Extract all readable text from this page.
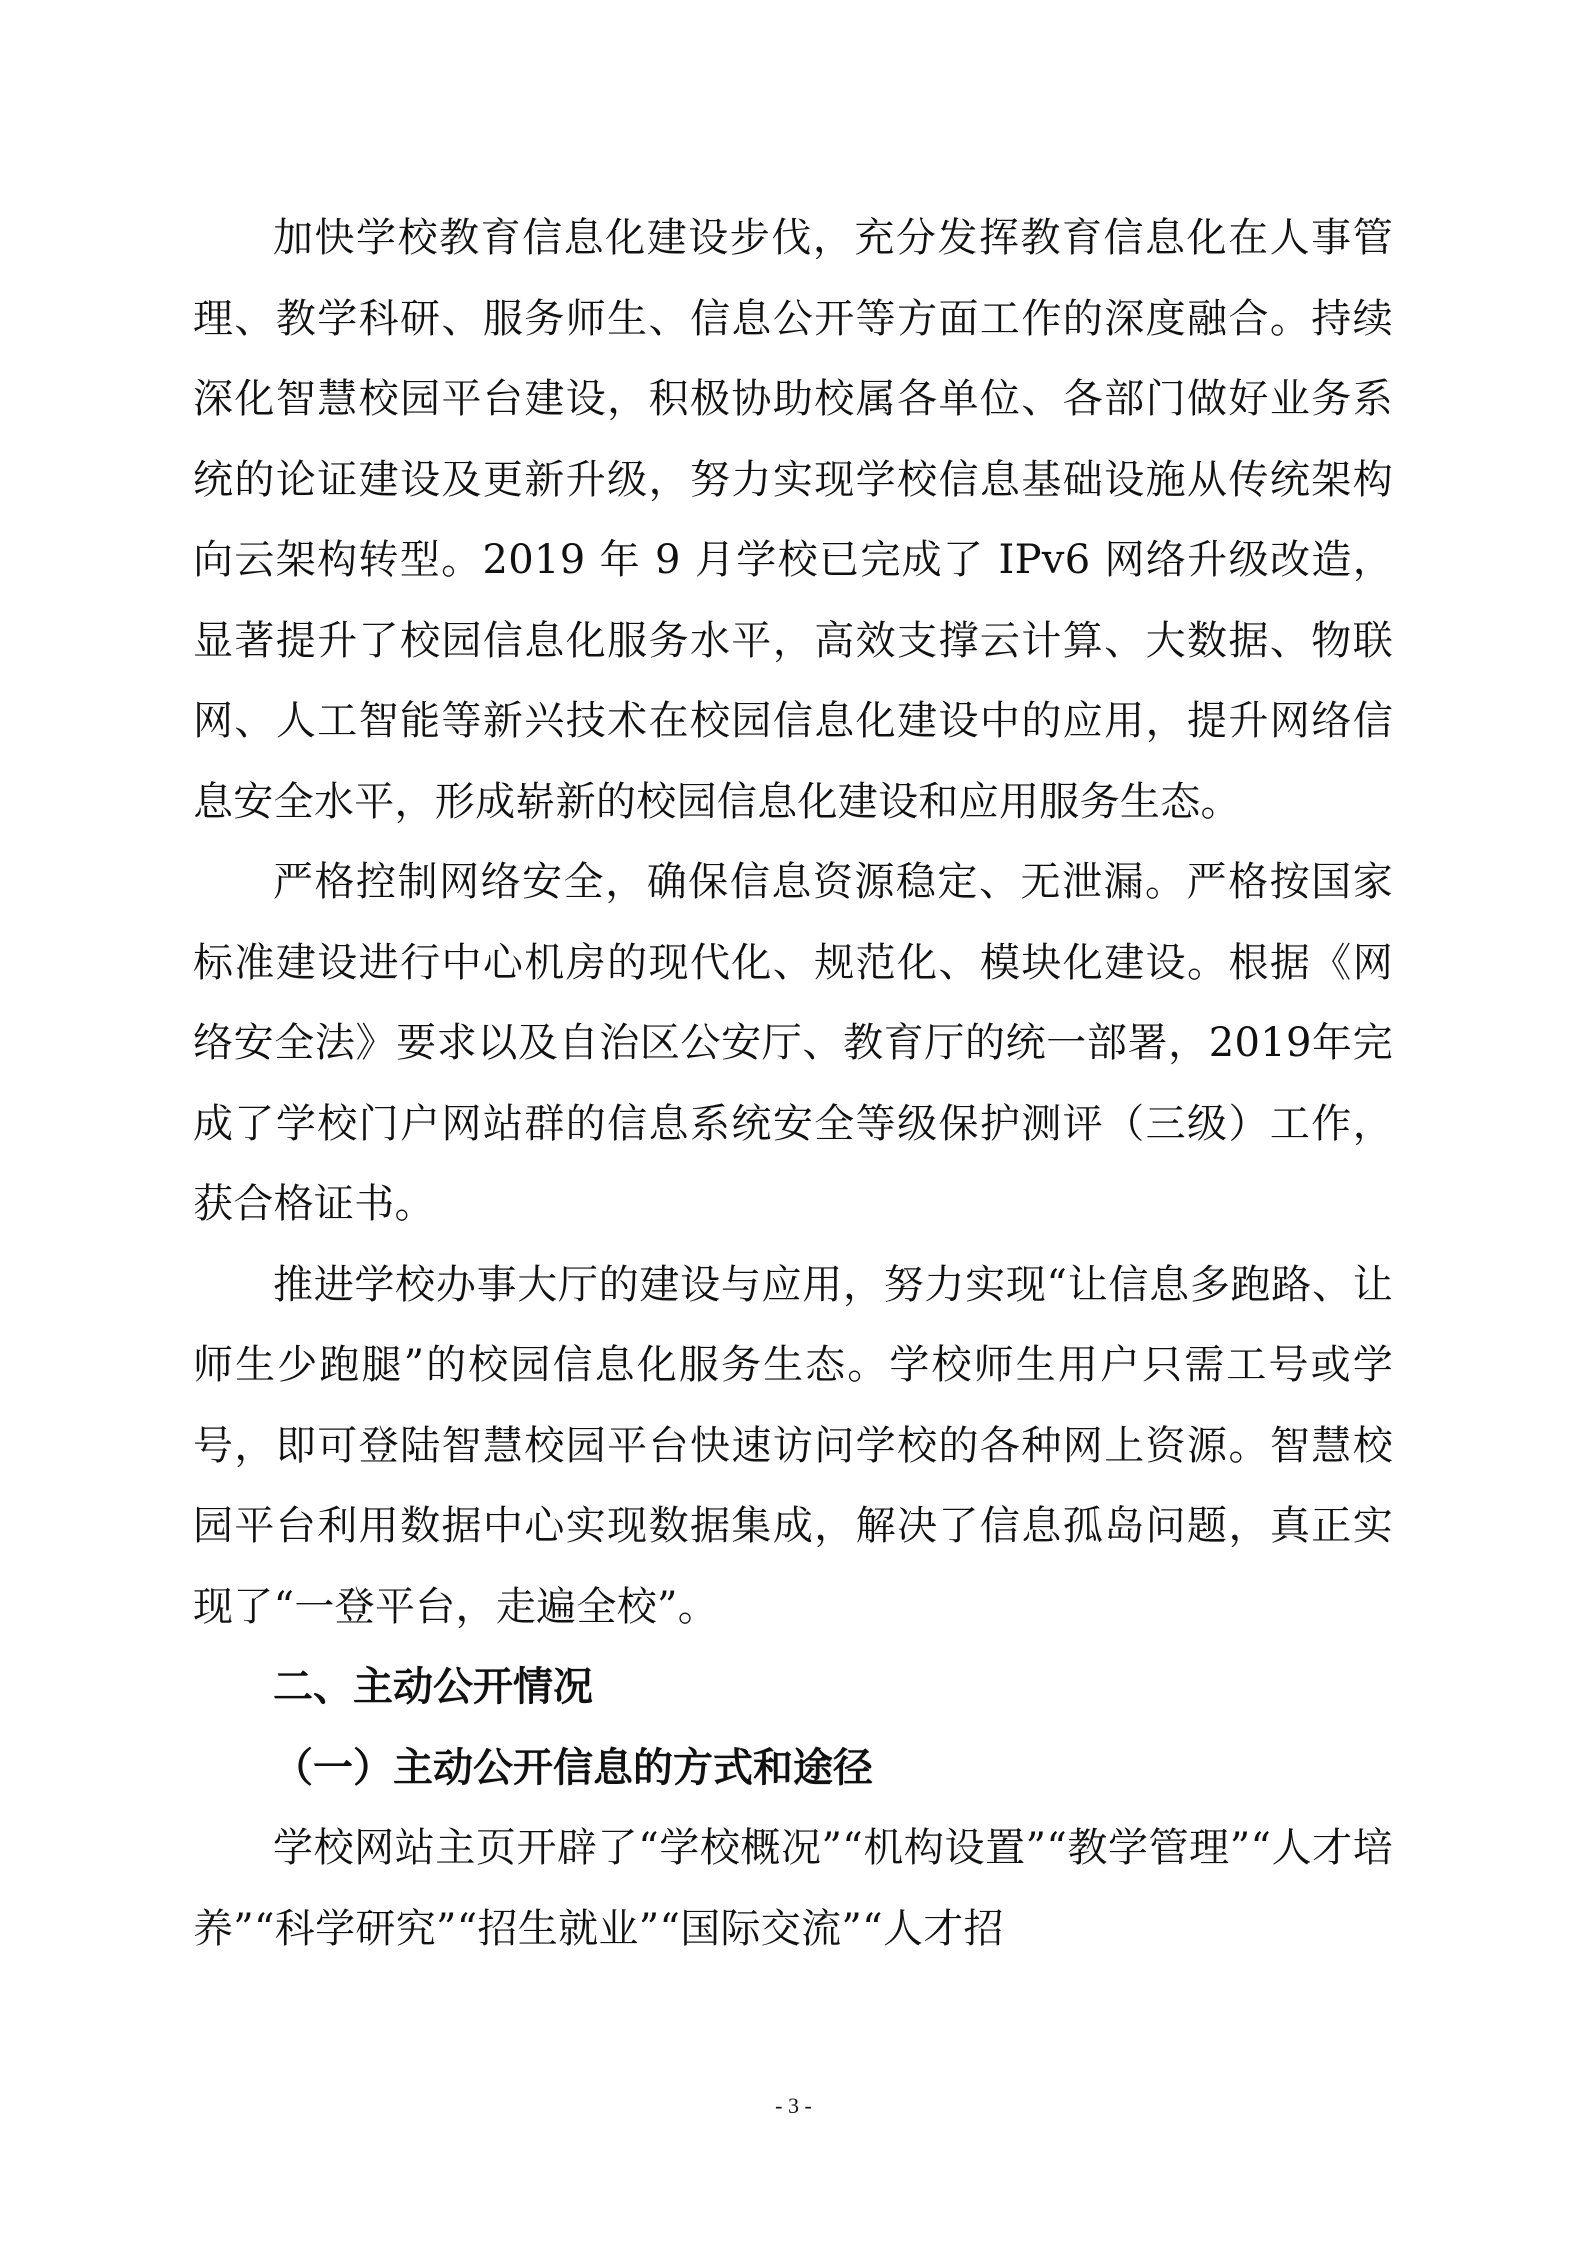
加快学校教育信息化建设步伐，充分发挥教育信息化在人事管理、教学科研、服务师生、信息公开等方面工作的深度融合。持续深化智慧校园平台建设，积极协助校属各单位、各部门做好业务系统的论证建设及更新升级，努力实现学校信息基础设施从传统架构向云架构转型。2019 年 9 月学校已完成了 IPv6 网络升级改造，显著提升了校园信息化服务水平，高效支撑云计算、大数据、物联网、人工智能等新兴技术在校园信息化建设中的应用，提升网络信息安全水平，形成崭新的校园信息化建设和应用服务生态。

严格控制网络安全，确保信息资源稳定、无泄漏。严格按国家标准建设进行中心机房的现代化、规范化、模块化建设。根据《网络安全法》要求以及自治区公安厅、教育厅的统一部署，2019年完成了学校门户网站群的信息系统安全等级保护测评（三级）工作，获合格证书。

推进学校办事大厅的建设与应用，努力实现“让信息多跑路、让师生少跑腿”的校园信息化服务生态。学校师生用户只需工号或学号，即可登陆智慧校园平台快速访问学校的各种网上资源。智慧校园平台利用数据中心实现数据集成，解决了信息孤岛问题，真正实现了“一登平台，走遍全校”。

二、主动公开情况

（一）主动公开信息的方式和途径

学校网站主页开辟了“学校概况”“机构设置”“教学管理”“人才培养”“科学研究”“招生就业”“国际交流”“人才招

- 3 -
